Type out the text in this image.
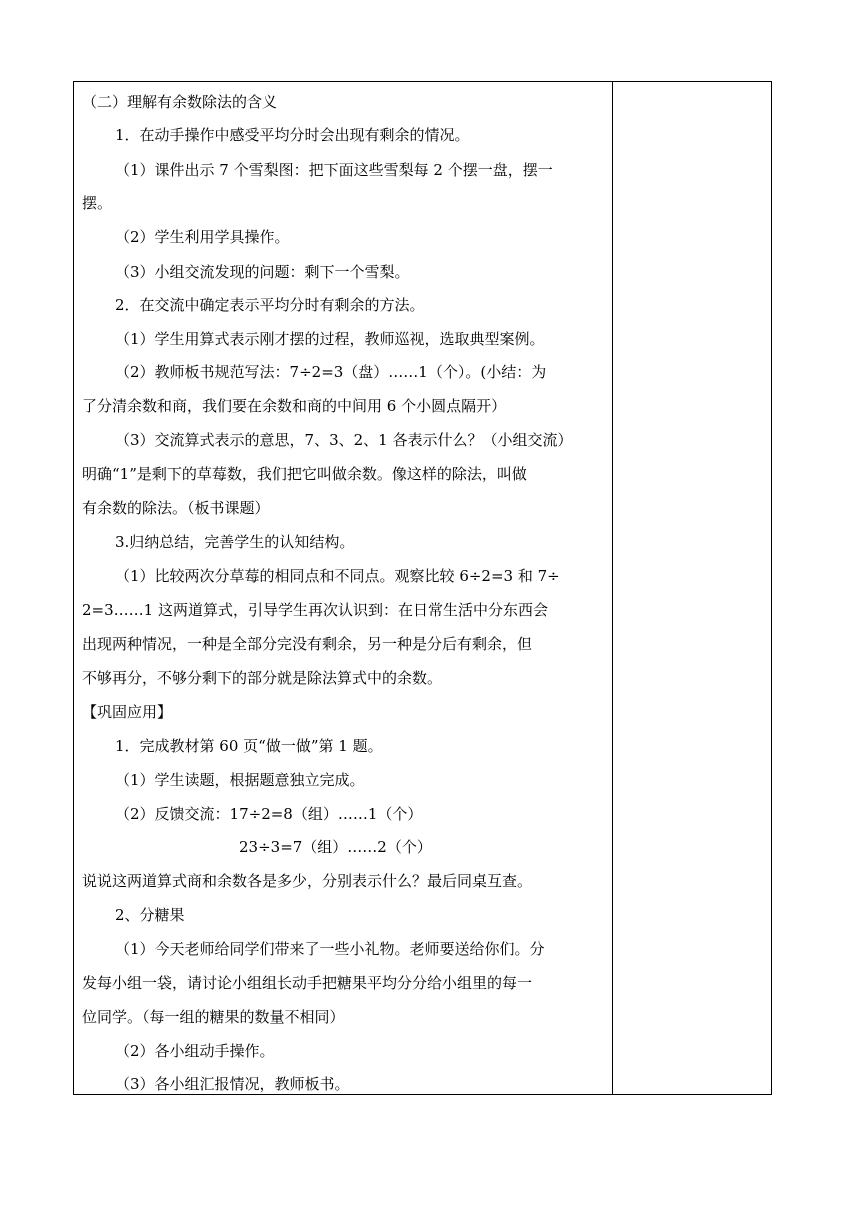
（二）理解有余数除法的含义
1．在动手操作中感受平均分时会出现有剩余的情况。
（1）课件出示 7 个雪梨图：把下面这些雪梨每 2 个摆一盘，摆一
摆。
（2）学生利用学具操作。
（3）小组交流发现的问题：剩下一个雪梨。
2．在交流中确定表示平均分时有剩余的方法。
（1）学生用算式表示刚才摆的过程，教师巡视，选取典型案例。
（2）教师板书规范写法：7÷2=3（盘）……1（个）。(小结：为
了分清余数和商，我们要在余数和商的中间用 6 个小圆点隔开）
（3）交流算式表示的意思，7、3、2、1 各表示什么？（小组交流）
明确“1”是剩下的草莓数，我们把它叫做余数。像这样的除法，叫做
有余数的除法。（板书课题）
3.归纳总结，完善学生的认知结构。
（1）比较两次分草莓的相同点和不同点。观察比较 6÷2=3 和 7÷
2=3……1 这两道算式，引导学生再次认识到：在日常生活中分东西会
出现两种情况，一种是全部分完没有剩余，另一种是分后有剩余，但
不够再分，不够分剩下的部分就是除法算式中的余数。
【巩固应用】
1．完成教材第 60 页“做一做”第 1 题。
（1）学生读题，根据题意独立完成。
（2）反馈交流：17÷2=8（组）……1（个）
23÷3=7（组）……2（个）
说说这两道算式商和余数各是多少，分别表示什么？最后同桌互查。
2、分糖果
（1）今天老师给同学们带来了一些小礼物。老师要送给你们。分
发每小组一袋，请讨论小组组长动手把糖果平均分分给小组里的每一
位同学。（每一组的糖果的数量不相同）
（2）各小组动手操作。
（3）各小组汇报情况，教师板书。
